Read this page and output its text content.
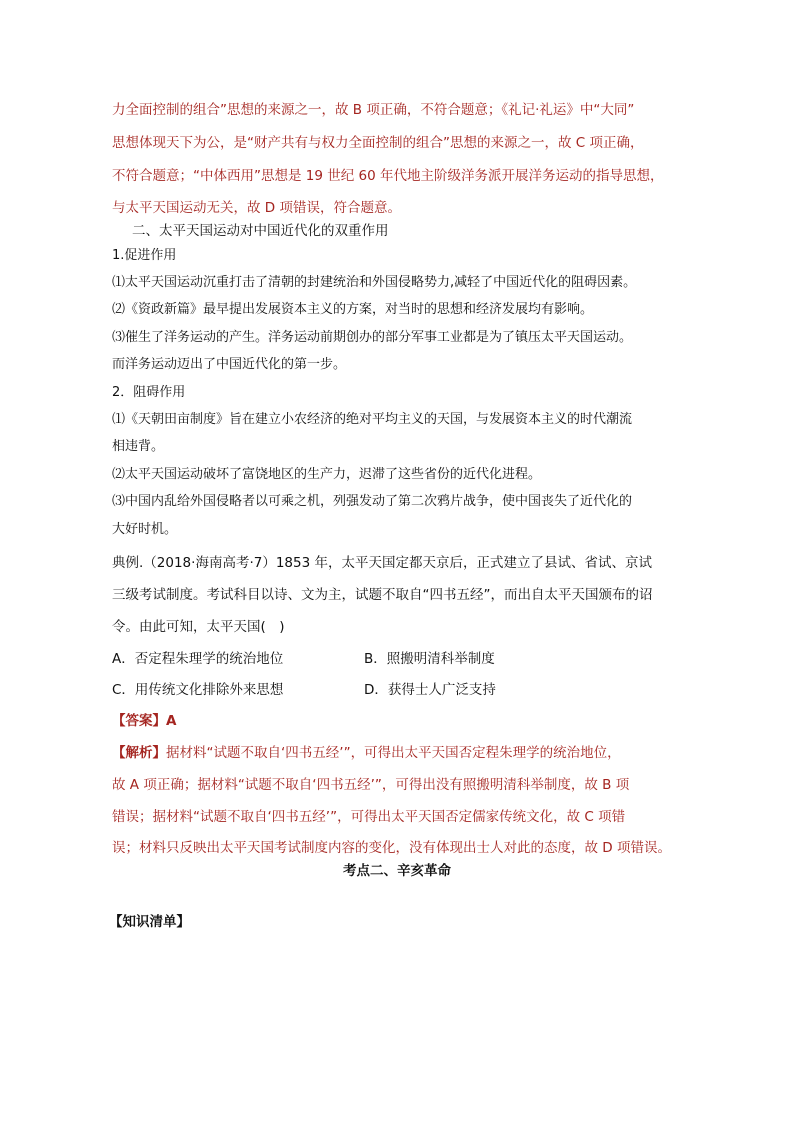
力全面控制的组合”思想的来源之一，故 B 项正确，不符合题意；《礼记·礼运》中“大同”

思想体现天下为公，是“财产共有与权力全面控制的组合”思想的来源之一，故 C 项正确，

不符合题意；“中体西用”思想是 19 世纪 60 年代地主阶级洋务派开展洋务运动的指导思想，

与太平天国运动无关，故 D 项错误，符合题意。

二、太平天国运动对中国近代化的双重作用

1.促进作用

⑴太平天国运动沉重打击了清朝的封建统治和外国侵略势力,减轻了中国近代化的阻碍因素。

⑵《资政新篇》最早提出发展资本主义的方案，对当时的思想和经济发展均有影响。

⑶催生了洋务运动的产生。洋务运动前期创办的部分军事工业都是为了镇压太平天国运动。

而洋务运动迈出了中国近代化的第一步。

2．阻碍作用

⑴《天朝田亩制度》旨在建立小农经济的绝对平均主义的天国，与发展资本主义的时代潮流

相违背。

⑵太平天国运动破坏了富饶地区的生产力，迟滞了这些省份的近代化进程。

⑶中国内乱给外国侵略者以可乘之机，列强发动了第二次鸦片战争，使中国丧失了近代化的

大好时机。

典例.（2018·海南高考·7）1853 年，太平天国定都天京后，正式建立了县试、省试、京试

三级考试制度。考试科目以诗、文为主，试题不取自“四书五经”，而出自太平天国颁布的诏

令。由此可知，太平天国(　)

A．否定程朱理学的统治地位	B．照搬明清科举制度

C．用传统文化排除外来思想	D．获得士人广泛支持

【答案】A

【解析】据材料“试题不取自‘四书五经’”，可得出太平天国否定程朱理学的统治地位，

故 A 项正确；据材料“试题不取自‘四书五经’”，可得出没有照搬明清科举制度，故 B 项

错误；据材料“试题不取自‘四书五经’”，可得出太平天国否定儒家传统文化，故 C 项错

误；材料只反映出太平天国考试制度内容的变化，没有体现出士人对此的态度，故 D 项错误。

考点二、辛亥革命

【知识清单】
